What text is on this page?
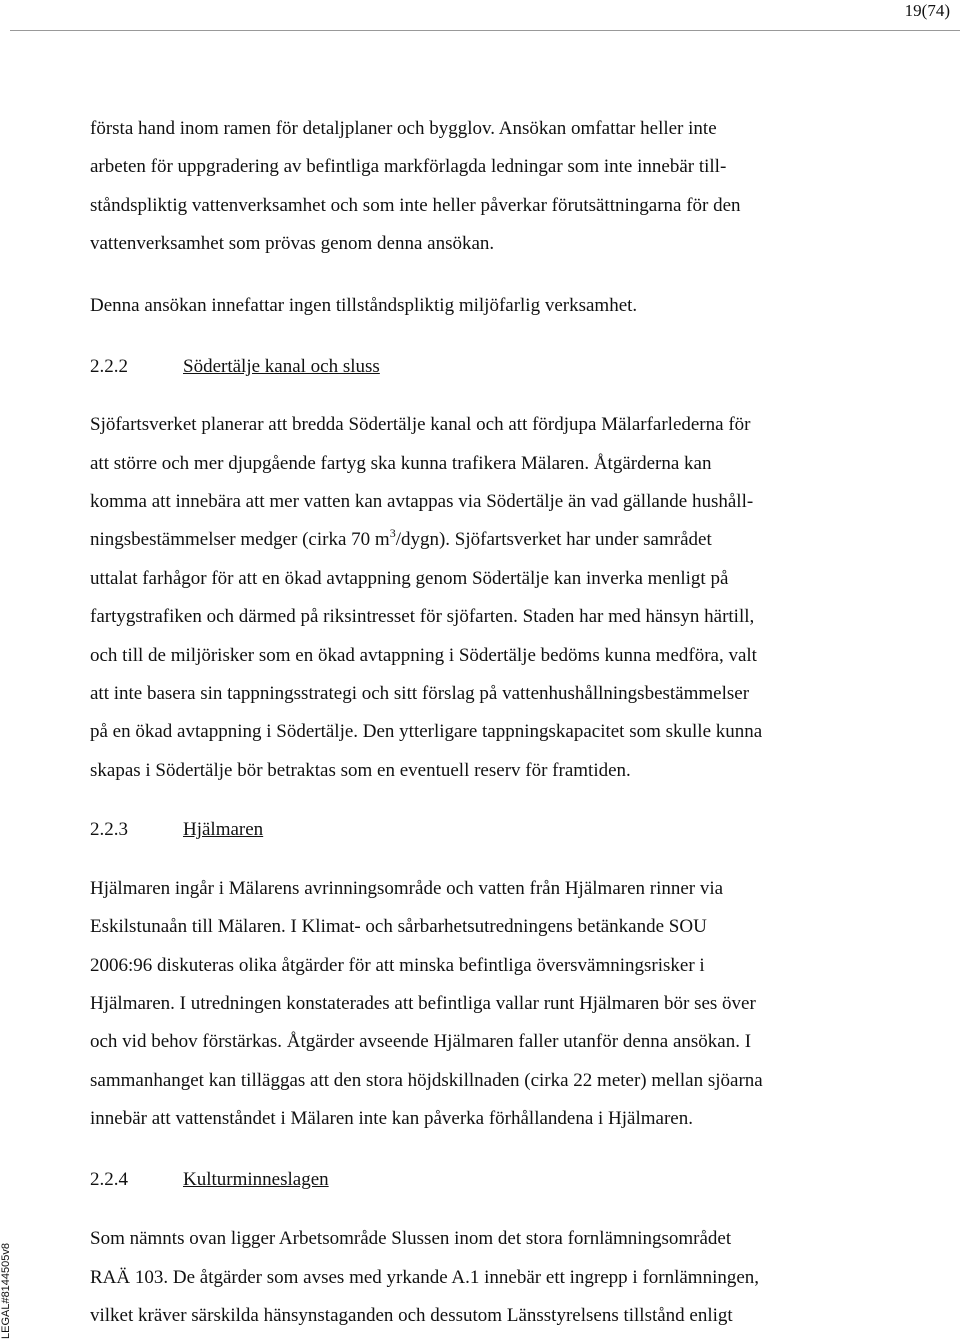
19(74)

första hand inom ramen för detaljplaner och bygglov. Ansökan omfattar heller inte

arbeten för uppgradering av befintliga markförlagda ledningar som inte innebär till-

ståndspliktig vattenverksamhet och som inte heller påverkar förutsättningarna för den

vattenverksamhet som prövas genom denna ansökan.

Denna ansökan innefattar ingen tillståndspliktig miljöfarlig verksamhet.

2.2.2	Södertälje kanal och sluss

Sjöfartsverket planerar att bredda Södertälje kanal och att fördjupa Mälarfarlederna för

att större och mer djupgående fartyg ska kunna trafikera Mälaren. Åtgärderna kan

komma att innebära att mer vatten kan avtappas via Södertälje än vad gällande hushåll-

ningsbestämmelser medger (cirka 70 $m^3/dygn$). Sjöfartsverket har under samrådet

uttalat farhågor för att en ökad avtappning genom Södertälje kan inverka menligt på

fartygstrafiken och därmed på riksintresset för sjöfarten. Staden har med hänsyn härtill,

och till de miljörisker som en ökad avtappning i Södertälje bedöms kunna medföra, valt

att inte basera sin tappningsstrategi och sitt förslag på vattenhushållningsbestämmelser

på en ökad avtappning i Södertälje. Den ytterligare tappningskapacitet som skulle kunna

skapas i Södertälje bör betraktas som en eventuell reserv för framtiden.

2.2.3	Hjälmaren

Hjälmaren ingår i Mälarens avrinningsområde och vatten från Hjälmaren rinner via

Eskilstunaån till Mälaren. I Klimat- och sårbarhetsutredningens betänkande SOU

2006:96 diskuteras olika åtgärder för att minska befintliga översvämningsrisker i

Hjälmaren. I utredningen konstaterades att befintliga vallar runt Hjälmaren bör ses över

och vid behov förstärkas. Åtgärder avseende Hjälmaren faller utanför denna ansökan. I

sammanhanget kan tilläggas att den stora höjdskillnaden (cirka 22 meter) mellan sjöarna

innebär att vattenståndet i Mälaren inte kan påverka förhållandena i Hjälmaren.

2.2.4	Kulturminneslagen

Som nämnts ovan ligger Arbetsområde Slussen inom det stora fornlämningsområdet

RAÄ 103. De åtgärder som avses med yrkande A.1 innebär ett ingrepp i fornlämningen,

vilket kräver särskilda hänsynstaganden och dessutom Länsstyrelsens tillstånd enligt

LEGAL#8144505v8
